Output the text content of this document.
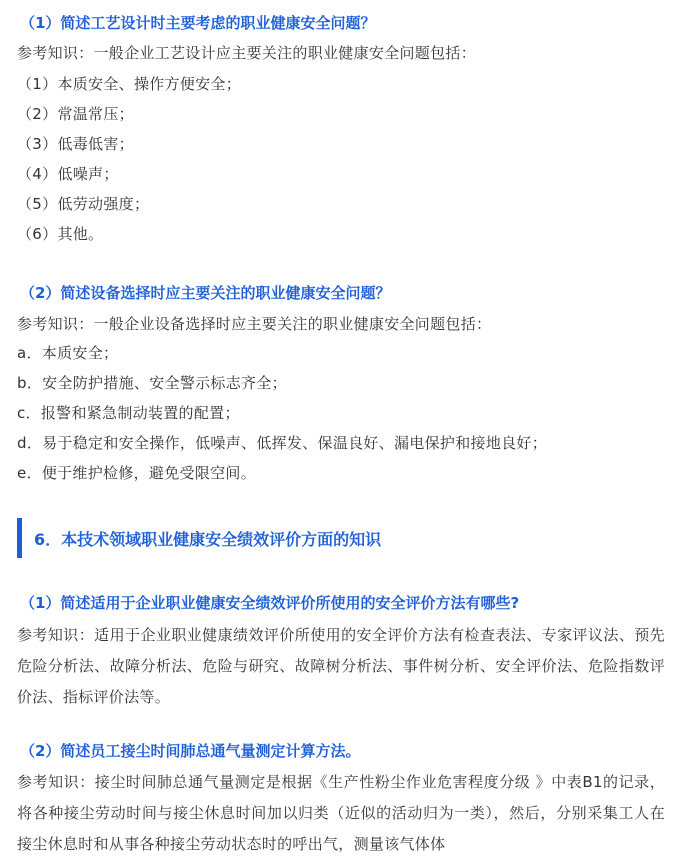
（1）简述工艺设计时主要考虑的职业健康安全问题？
参考知识：一般企业工艺设计应主要关注的职业健康安全问题包括：
（1）本质安全、操作方便安全；
（2）常温常压；
（3）低毒低害；
（4）低噪声；
（5）低劳动强度；
（6）其他。
（2）简述设备选择时应主要关注的职业健康安全问题？
参考知识：一般企业设备选择时应主要关注的职业健康安全问题包括：
a．本质安全；
b．安全防护措施、安全警示标志齐全；
c．报警和紧急制动装置的配置；
d．易于稳定和安全操作，低噪声、低挥发、保温良好、漏电保护和接地良好；
e．便于维护检修，避免受限空间。
6．本技术领域职业健康安全绩效评价方面的知识
（1）简述适用于企业职业健康安全绩效评价所使用的安全评价方法有哪些?
参考知识：适用于企业职业健康绩效评价所使用的安全评价方法有检查表法、专家评议法、预先危险分析法、故障分析法、危险与研究、故障树分析法、事件树分析、安全评价法、危险指数评价法、指标评价法等。
（2）简述员工接尘时间肺总通气量测定计算方法。
参考知识：接尘时间肺总通气量测定是根据《生产性粉尘作业危害程度分级 》中表B1的记录，将各种接尘劳动时间与接尘休息时间加以归类（近似的活动归为一类），然后，分别采集工人在接尘休息时和从事各种接尘劳动状态时的呼出气，测量该气体体
